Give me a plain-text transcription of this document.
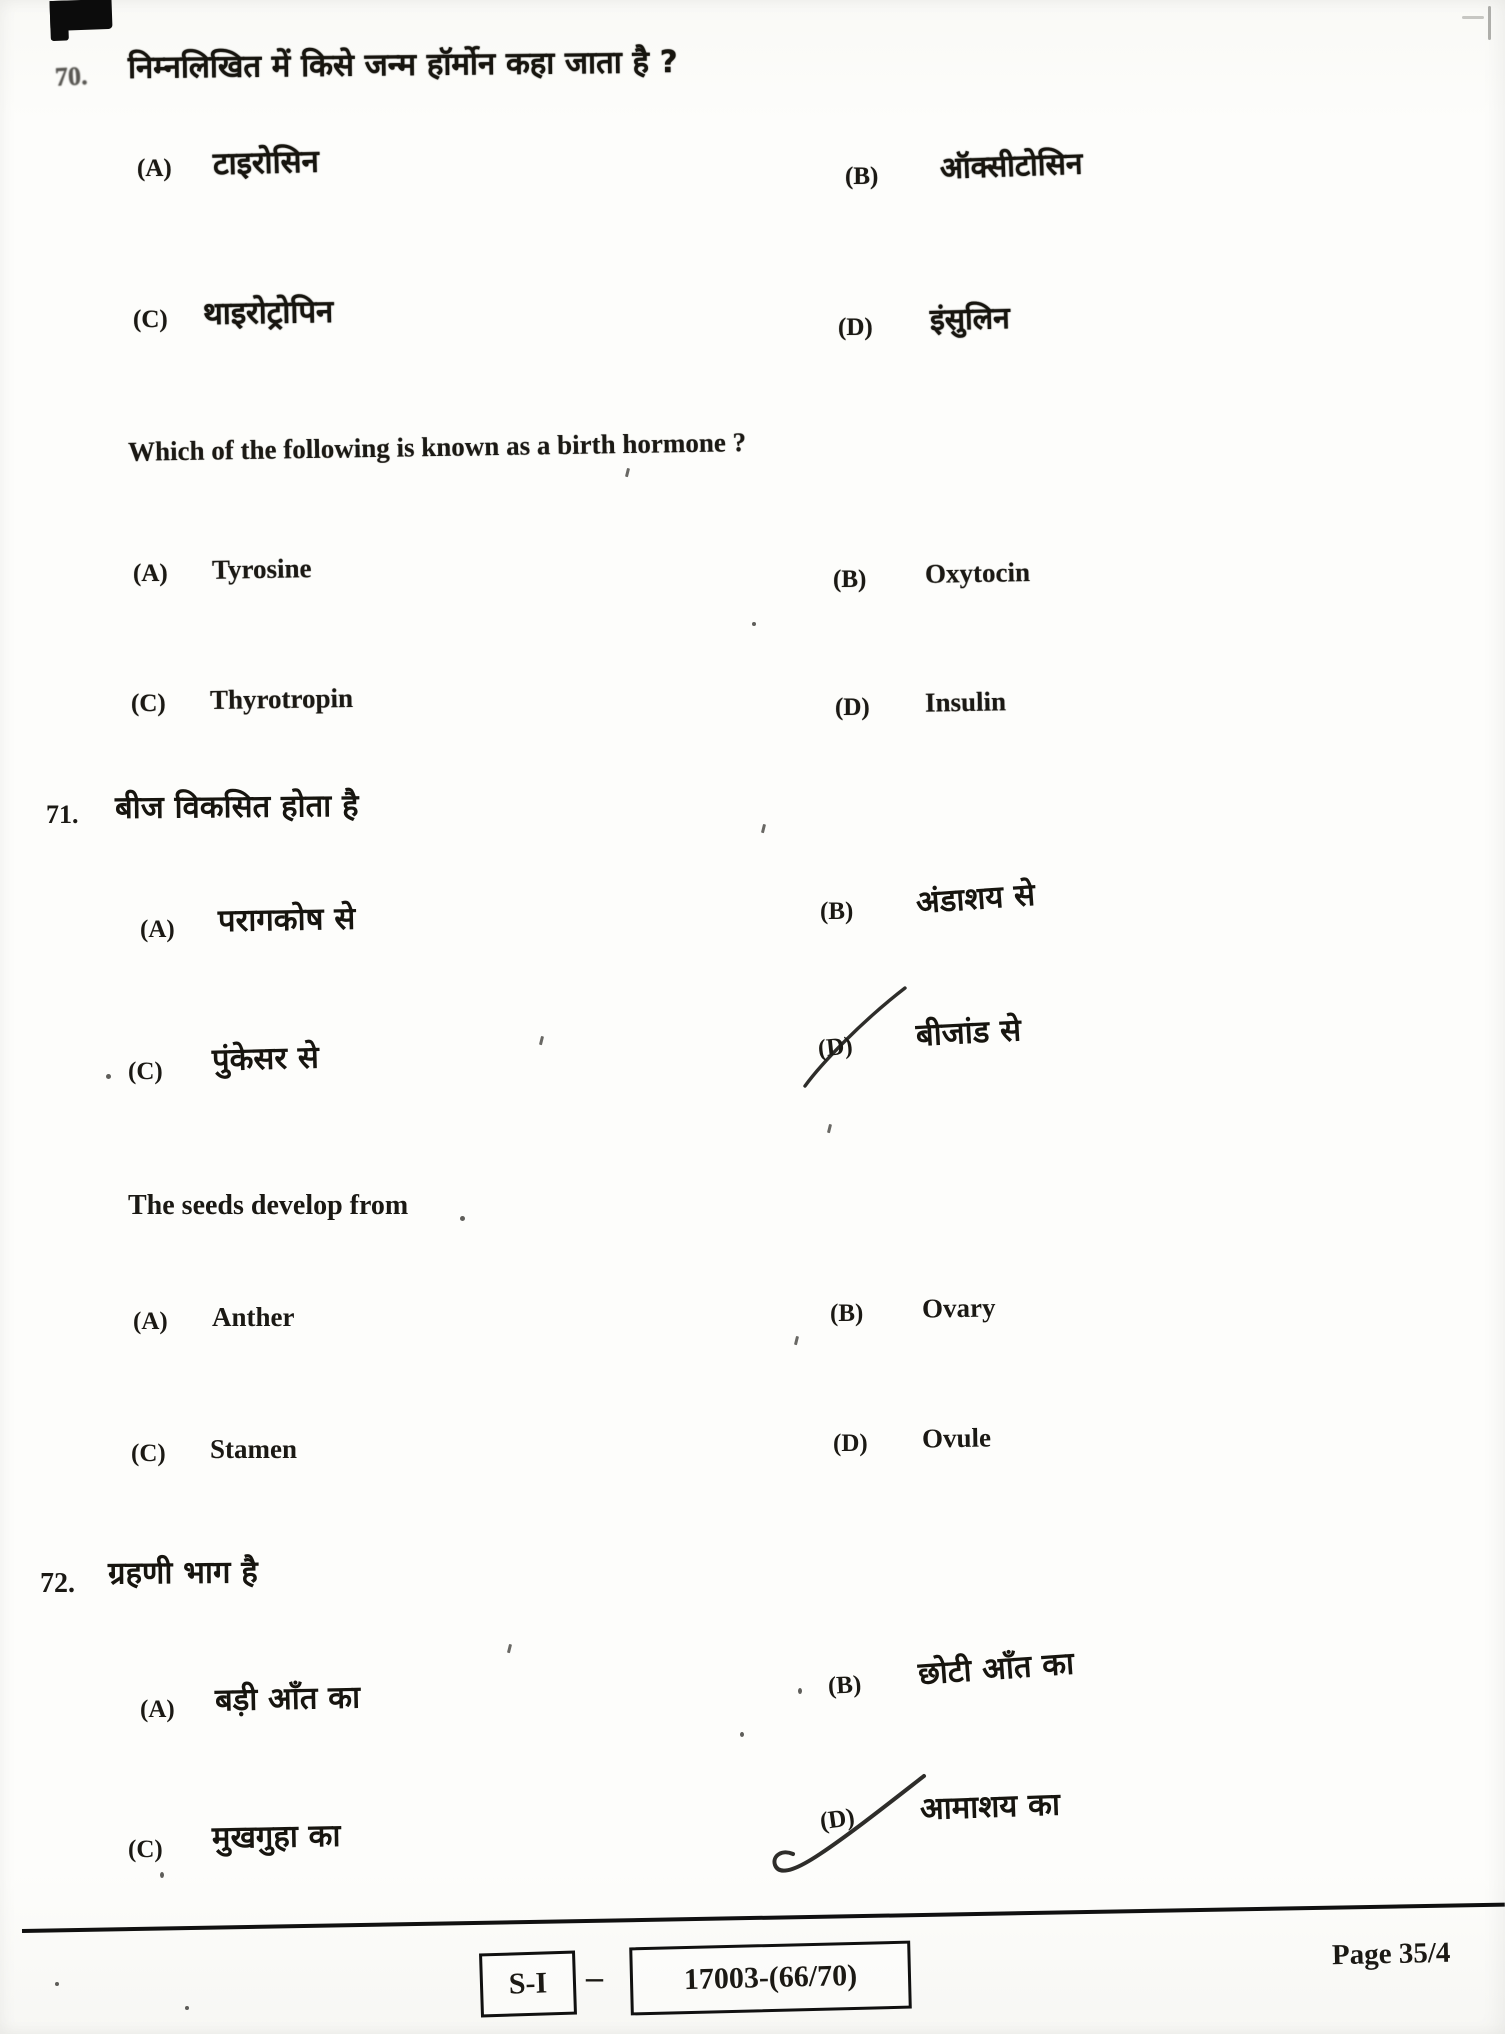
70. निम्नलिखित में किसे जन्म हॉर्मोन कहा जाता है ?
(A) टाइरोसिन	(B) ऑक्सीटोसिन
(C) थाइरोट्रोपिन	(D) इंसुलिन
Which of the following is known as a birth hormone ?
(A) Tyrosine	(B) Oxytocin
(C) Thyrotropin	(D) Insulin
71. बीज विकसित होता है
(A) परागकोष से	(B) अंडाशय से
(C) पुंकेसर से	(D) बीजांड से
The seeds develop from
(A) Anther	(B) Ovary
(C) Stamen	(D) Ovule
72. ग्रहणी भाग है
(A) बड़ी आँत का	(B) छोटी आँत का
(C) मुखगुहा का	(D) आमाशय का
S-I –	17003-(66/70)
Page 35/4
